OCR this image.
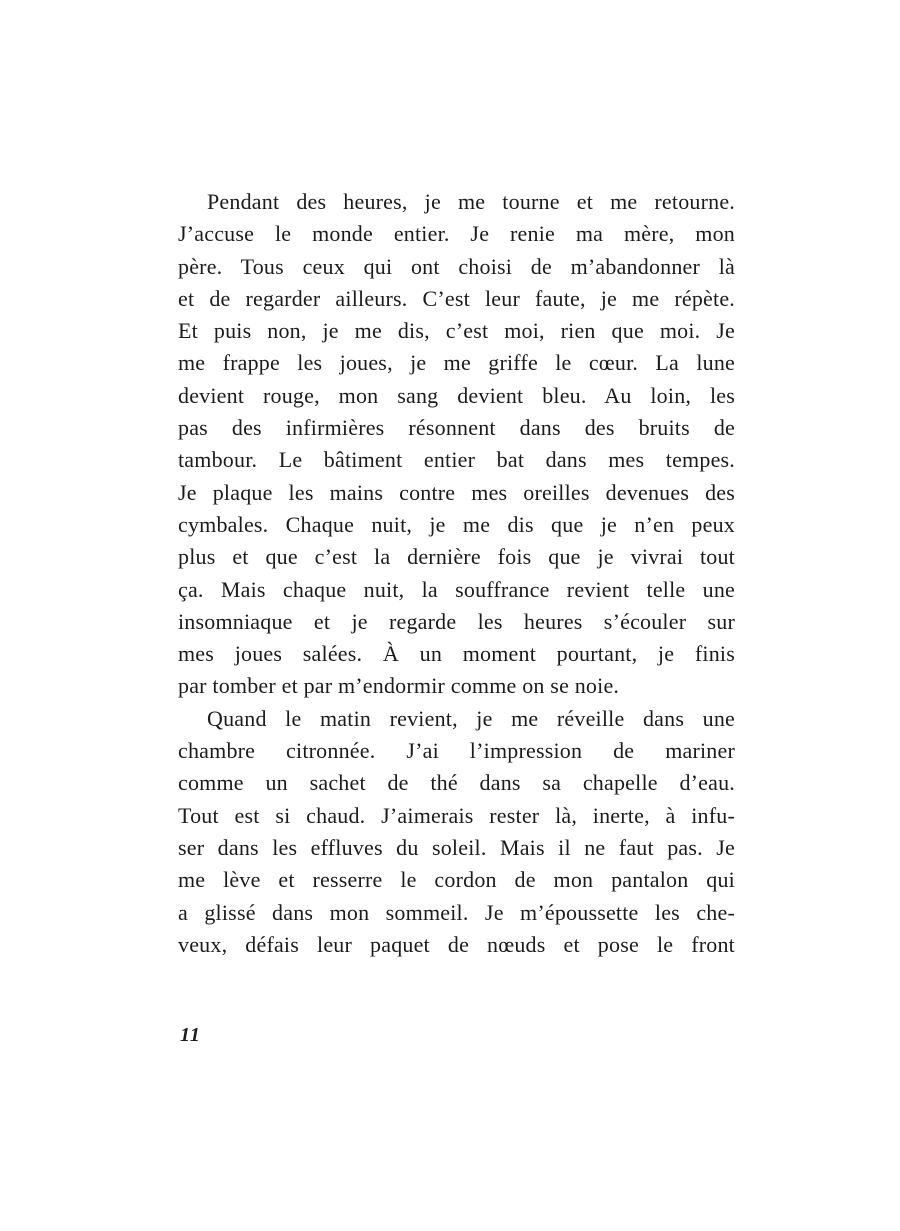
Pendant des heures, je me tourne et me retourne.
J’accuse le monde entier. Je renie ma mère, mon
père. Tous ceux qui ont choisi de m’abandonner là
et de regarder ailleurs. C’est leur faute, je me répète.
Et puis non, je me dis, c’est moi, rien que moi. Je
me frappe les joues, je me griffe le cœur. La lune
devient rouge, mon sang devient bleu. Au loin, les
pas des infirmières résonnent dans des bruits de
tambour. Le bâtiment entier bat dans mes tempes.
Je plaque les mains contre mes oreilles devenues des
cymbales. Chaque nuit, je me dis que je n’en peux
plus et que c’est la dernière fois que je vivrai tout
ça. Mais chaque nuit, la souffrance revient telle une
insomniaque et je regarde les heures s’écouler sur
mes joues salées. À un moment pourtant, je finis
par tomber et par m’endormir comme on se noie.
Quand le matin revient, je me réveille dans une
chambre citronnée. J’ai l’impression de mariner
comme un sachet de thé dans sa chapelle d’eau.
Tout est si chaud. J’aimerais rester là, inerte, à infu-
ser dans les effluves du soleil. Mais il ne faut pas. Je
me lève et resserre le cordon de mon pantalon qui
a glissé dans mon sommeil. Je m’époussette les che-
veux, défais leur paquet de nœuds et pose le front
11
